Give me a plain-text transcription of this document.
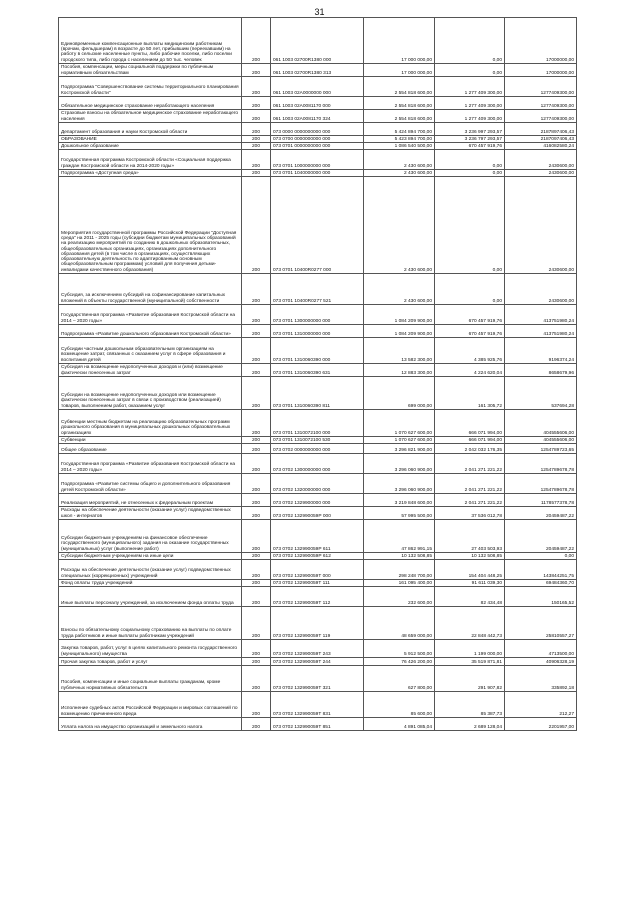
31
Единовременные компенсационные выплаты медицинским работникам (врачам, фельдшерам) в возрасте до 50 лет, прибывшим (переехавшим) на работу в сельские населенные пункты, либо рабочие поселки, либо поселки городского типа, либо города с населением до 50 тыс. человек	200	061 1003 02700R1380 000	17 000 000,00	0,00	17000000,00
Пособия, компенсации, меры социальной поддержки по публичным нормативным обязательствам	200	061 1003 02700R1380 313	17 000 000,00	0,00	17000000,00
Подпрограмма "Совершенствование системы территориального планирования Костромской области"	200	061 1003 02А0000000 000	2 554 818 600,00	1 277 409 300,00	1277409300,00
Обязательное медицинское страхование неработающего населения	200	061 1003 02А0081170 000	2 554 818 600,00	1 277 409 300,00	1277409300,00
Страховые взносы на обязательное медицинское страхование неработающего населения	200	061 1003 02А0081170 324	2 554 818 600,00	1 277 409 300,00	1277409300,00
Департамент образования и науки Костромской области	200	073 0000 0000000000 000	5 424 894 700,00	3 236 997 293,57	2187897406,43
ОБРАЗОВАНИЕ	200	073 0700 0000000000 000	5 423 894 700,00	3 236 797 293,57	2187097406,43
Дошкольное образование	200	073 0701 0000000000 000	1 086 540 500,00	670 457 919,76	416082580,24
Государственная программа Костромской области «Социальная поддержка граждан Костромской области на 2014-2020 годы»	200	073 0701 1000000000 000	2 430 600,00	0,00	2430600,00
Подпрограмма «Доступная среда»	200	073 0701 1040000000 000	2 430 600,00	0,00	2430600,00
Мероприятия государственной программы Российской Федерации "Доступная среда" на 2011 - 2025 годы (субсидии бюджетам муниципальных образований на реализацию мероприятий по созданию в дошкольных образовательных, общеобразовательных организациях, организациях дополнительного образования детей (в том числе в организациях, осуществляющих образовательную деятельность по адаптированным основным общеобразовательным программам) условий для получения детьми-инвалидами качественного образования)	200	073 0701 10400R0277 000	2 430 600,00	0,00	2430600,00
Субсидия, за исключением субсидий на софинансирование капитальных вложений в объекты государственной (муниципальной) собственности	200	073 0701 10400R0277 521	2 430 600,00	0,00	2430600,00
Государственная программа «Развитие образования Костромской области на 2014 – 2020 годы»	200	073 0701 1300000000 000	1 084 209 900,00	670 457 919,76	413751980,24
Подпрограмма «Развитие дошкольного образования Костромской области»	200	073 0701 1310000000 000	1 084 209 900,00	670 457 919,76	413751980,24
Субсидии частным дошкольным образовательным организациям на возмещение затрат, связанных с оказанием услуг в сфере образования и воспитания детей	200	073 0701 1310060390 000	13 582 300,00	4 385 925,76	9196374,24
Субсидия на возмещение недополученных доходов и (или) возмещение фактически понесенных затрат	200	073 0701 1310060390 631	12 883 300,00	4 224 620,04	8658679,96
Субсидии на возмещение недополученных доходов или возмещение фактически понесенных затрат в связи с производством (реализацией) товаров, выполнением работ, оказанием услуг	200	073 0701 1310060390 811	699 000,00	161 305,72	537694,28
Субвенции местным бюджетам на реализацию образовательных программ дошкольного образования в муниципальных дошкольных образовательных организациях	200	073 0701 1310072100 000	1 070 627 600,00	666 071 994,00	404555606,00
Субвенции	200	073 0701 1310072100 530	1 070 627 600,00	666 071 994,00	404555606,00
Общее образование	200	073 0702 0000000000 000	3 296 821 900,00	2 042 032 176,35	1254789723,65
Государственная программа «Развитие образования Костромской области на 2014 – 2020 годы»	200	073 0702 1300000000 000	3 296 060 900,00	2 041 271 221,22	1254789678,78
Подпрограмма «Развитие системы общего и дополнительного образования детей Костромской области»	200	073 0702 1320000000 000	3 296 060 900,00	2 041 271 221,22	1254789678,78
Реализация мероприятий, не отнесенных к федеральным проектам	200	073 0702 1329900000 000	3 219 848 600,00	2 041 271 221,22	1178577378,78
Расходы на обеспечение деятельности (оказание услуг) подведомственных школ - интернатов	200	073 0702 132990059Р 000	57 995 500,00	37 536 012,78	20459487,22
Субсидии бюджетным учреждениям на финансовое обеспечение государственного (муниципального) задания на оказание государственных (муниципальных) услуг (выполнение работ)	200	073 0702 132990059Р 611	47 862 991,15	27 403 503,93	20459487,22
Субсидии бюджетным учреждениям на иные цели	200	073 0702 132990059Р 612	10 132 508,85	10 132 508,85	0,00
Расходы на обеспечение деятельности (оказание услуг) подведомственных специальных (коррекционных) учреждений	200	073 0702 132990059Т 000	298 248 700,00	154 404 448,25	143844251,75
Фонд оплаты труда учреждений	200	073 0702 132990059Т 111	161 095 400,00	91 611 039,30	69484360,70
Иные выплаты персоналу учреждений, за исключением фонда оплаты труда	200	073 0702 132990059Т 112	232 600,00	82 434,48	150165,52
Взносы по обязательному социальному страхованию на выплаты по оплате труда работников и иные выплаты работникам учреждений	200	073 0702 132990059Т 119	48 659 000,00	22 848 442,73	25810557,27
Закупка товаров, работ, услуг в целях капитального ремонта государственного (муниципального) имущества	200	073 0702 132990059Т 243	5 912 500,00	1 199 000,00	4713500,00
Прочая закупка товаров, работ и услуг	200	073 0702 132990059Т 244	76 426 200,00	35 519 871,81	40906328,19
Пособия, компенсации и иные социальные выплаты гражданам, кроме публичных нормативных обязательств	200	073 0702 132990059Т 321	627 800,00	291 907,82	335892,18
Исполнение судебных актов Российской Федерации и мировых соглашений по возмещению причиненного вреда	200	073 0702 132990059Т 831	85 600,00	85 387,73	212,27
Уплата налога на имущество организаций и земельного налога	200	073 0702 132990059Т 851	4 891 085,04	2 689 128,04	2201957,00
